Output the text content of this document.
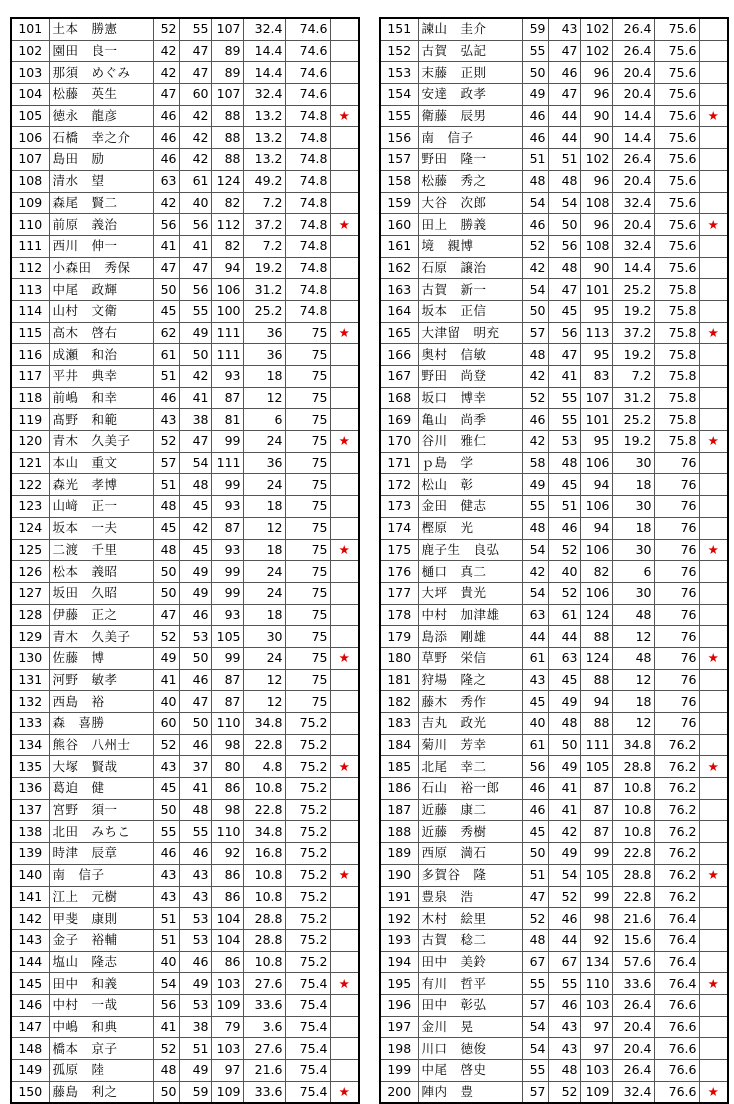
101	土本　勝憲	52	55	107	32.4	74.6	
102	園田　良一	42	47	89	14.4	74.6	
103	那須　めぐみ	42	47	89	14.4	74.6	
104	松藤　英生	47	60	107	32.4	74.6	
105	徳永　龍彦	46	42	88	13.2	74.8	★
106	石橋　幸之介	46	42	88	13.2	74.8	
107	島田　励	46	42	88	13.2	74.8	
108	清水　望	63	61	124	49.2	74.8	
109	森尾　賢二	42	40	82	7.2	74.8	
110	前原　義治	56	56	112	37.2	74.8	★
111	西川　伸一	41	41	82	7.2	74.8	
112	小森田　秀保	47	47	94	19.2	74.8	
113	中尾　政輝	50	56	106	31.2	74.8	
114	山村　文衛	45	55	100	25.2	74.8	
115	高木　啓右	62	49	111	36	75	★
116	成瀬　和治	61	50	111	36	75	
117	平井　典幸	51	42	93	18	75	
118	前嶋　和幸	46	41	87	12	75	
119	髙野　和範	43	38	81	6	75	
120	青木　久美子	52	47	99	24	75	★
121	本山　重文	57	54	111	36	75	
122	森光　孝博	51	48	99	24	75	
123	山﨑　正一	48	45	93	18	75	
124	坂本　一夫	45	42	87	12	75	
125	二渡　千里	48	45	93	18	75	★
126	松本　義昭	50	49	99	24	75	
127	坂田　久昭	50	49	99	24	75	
128	伊藤　正之	47	46	93	18	75	
129	青木　久美子	52	53	105	30	75	
130	佐藤　博	49	50	99	24	75	★
131	河野　敏孝	41	46	87	12	75	
132	西島　裕	40	47	87	12	75	
133	森　喜勝	60	50	110	34.8	75.2	
134	熊谷　八州士	52	46	98	22.8	75.2	
135	大塚　賢哉	43	37	80	4.8	75.2	★
136	葛迫　健	45	41	86	10.8	75.2	
137	宮野　須一	50	48	98	22.8	75.2	
138	北田　みちこ	55	55	110	34.8	75.2	
139	時津　辰章	46	46	92	16.8	75.2	
140	南　信子	43	43	86	10.8	75.2	★
141	江上　元樹	43	43	86	10.8	75.2	
142	甲斐　康則	51	53	104	28.8	75.2	
143	金子　裕輔	51	53	104	28.8	75.2	
144	塩山　隆志	40	46	86	10.8	75.2	
145	田中　和義	54	49	103	27.6	75.4	★
146	中村　一哉	56	53	109	33.6	75.4	
147	中嶋　和典	41	38	79	3.6	75.4	
148	橋本　京子	52	51	103	27.6	75.4	
149	孤原　陸	48	49	97	21.6	75.4	
150	藤島　利之	50	59	109	33.6	75.4	★
151	諫山　圭介	59	43	102	26.4	75.6	
152	古賀　弘記	55	47	102	26.4	75.6	
153	末藤　正則	50	46	96	20.4	75.6	
154	安達　政孝	49	47	96	20.4	75.6	
155	衛藤　辰男	46	44	90	14.4	75.6	★
156	南　信子	46	44	90	14.4	75.6	
157	野田　隆一	51	51	102	26.4	75.6	
158	松藤　秀之	48	48	96	20.4	75.6	
159	大谷　次郎	54	54	108	32.4	75.6	
160	田上　勝義	46	50	96	20.4	75.6	★
161	境　親博	52	56	108	32.4	75.6	
162	石原　譲治	42	48	90	14.4	75.6	
163	古賀　新一	54	47	101	25.2	75.8	
164	坂本　正信	50	45	95	19.2	75.8	
165	大津留　明充	57	56	113	37.2	75.8	★
166	奥村　信敏	48	47	95	19.2	75.8	
167	野田　尚登	42	41	83	7.2	75.8	
168	坂口　博幸	52	55	107	31.2	75.8	
169	亀山　尚季	46	55	101	25.2	75.8	
170	谷川　雅仁	42	53	95	19.2	75.8	★
171	ｐ島　学	58	48	106	30	76	
172	松山　彰	49	45	94	18	76	
173	金田　健志	55	51	106	30	76	
174	樫原　光	48	46	94	18	76	
175	鹿子生　良弘	54	52	106	30	76	★
176	樋口　真二	42	40	82	6	76	
177	大坪　貴光	54	52	106	30	76	
178	中村　加津雄	63	61	124	48	76	
179	島添　剛雄	44	44	88	12	76	
180	草野　栄信	61	63	124	48	76	★
181	狩場　隆之	43	45	88	12	76	
182	藤木　秀作	45	49	94	18	76	
183	吉丸　政光	40	48	88	12	76	
184	菊川　芳幸	61	50	111	34.8	76.2	
185	北尾　幸二	56	49	105	28.8	76.2	★
186	石山　裕一郎	46	41	87	10.8	76.2	
187	近藤　康二	46	41	87	10.8	76.2	
188	近藤　秀樹	45	42	87	10.8	76.2	
189	西原　満石	50	49	99	22.8	76.2	
190	多賀谷　隆	51	54	105	28.8	76.2	★
191	豊泉　浩	47	52	99	22.8	76.2	
192	木村　絵里	52	46	98	21.6	76.4	
193	古賀　稔二	48	44	92	15.6	76.4	
194	田中　美鈴	67	67	134	57.6	76.4	
195	有川　哲平	55	55	110	33.6	76.4	★
196	田中　彰弘	57	46	103	26.4	76.6	
197	金川　晃	54	43	97	20.4	76.6	
198	川口　徳俊	54	43	97	20.4	76.6	
199	中尾　啓史	55	48	103	26.4	76.6	
200	陣内　豊	57	52	109	32.4	76.6	★
